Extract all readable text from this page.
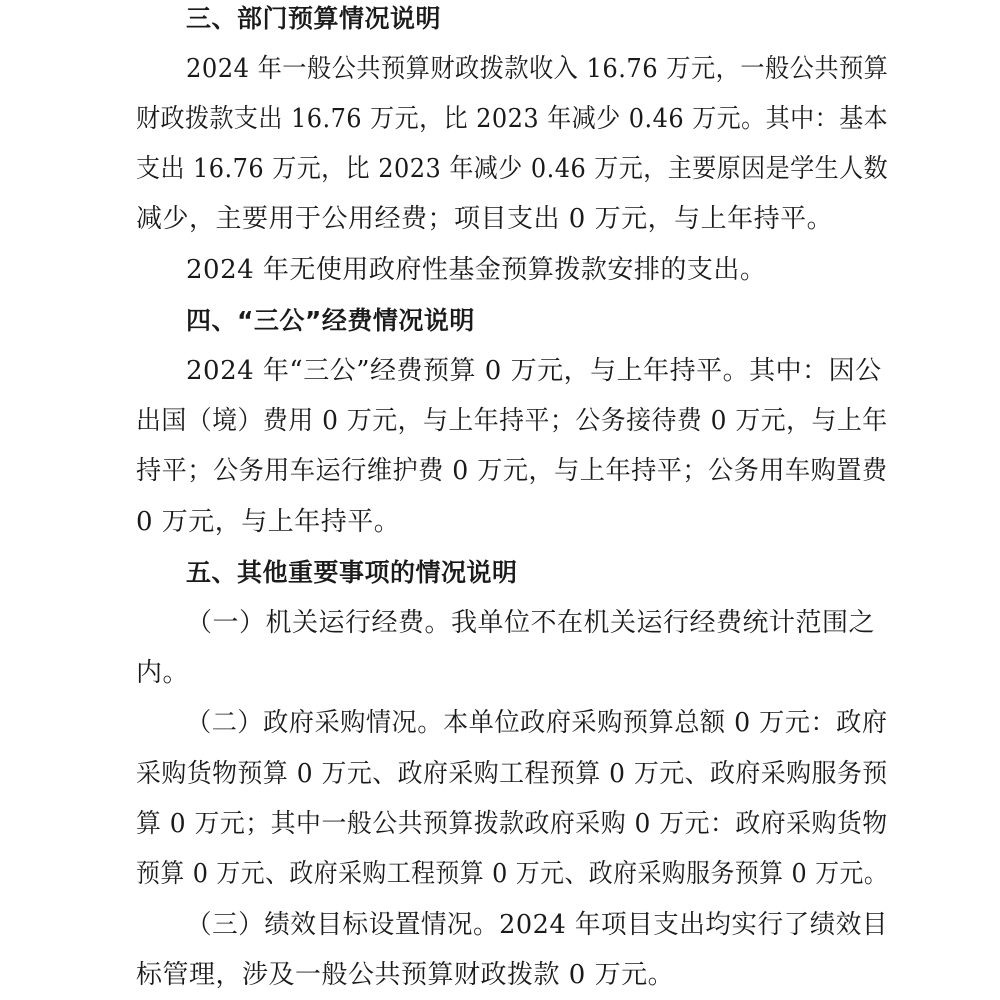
三、部门预算情况说明
2024 年一般公共预算财政拨款收入 16.76 万元，一般公共预算
财政拨款支出 16.76 万元，比 2023 年减少 0.46 万元。其中：基本
支出 16.76 万元，比 2023 年减少 0.46 万元，主要原因是学生人数
减少，主要用于公用经费；项目支出 0 万元，与上年持平。
2024 年无使用政府性基金预算拨款安排的支出。
四、“三公”经费情况说明
2024 年“三公”经费预算 0 万元，与上年持平。其中：因公
出国（境）费用 0 万元，与上年持平；公务接待费 0 万元，与上年
持平；公务用车运行维护费 0 万元，与上年持平；公务用车购置费
0 万元，与上年持平。
五、其他重要事项的情况说明
（一）机关运行经费。我单位不在机关运行经费统计范围之
内。
（二）政府采购情况。本单位政府采购预算总额 0 万元：政府
采购货物预算 0 万元、政府采购工程预算 0 万元、政府采购服务预
算 0 万元；其中一般公共预算拨款政府采购 0 万元：政府采购货物
预算 0 万元、政府采购工程预算 0 万元、政府采购服务预算 0 万元。
（三）绩效目标设置情况。2024 年项目支出均实行了绩效目
标管理，涉及一般公共预算财政拨款 0 万元。
